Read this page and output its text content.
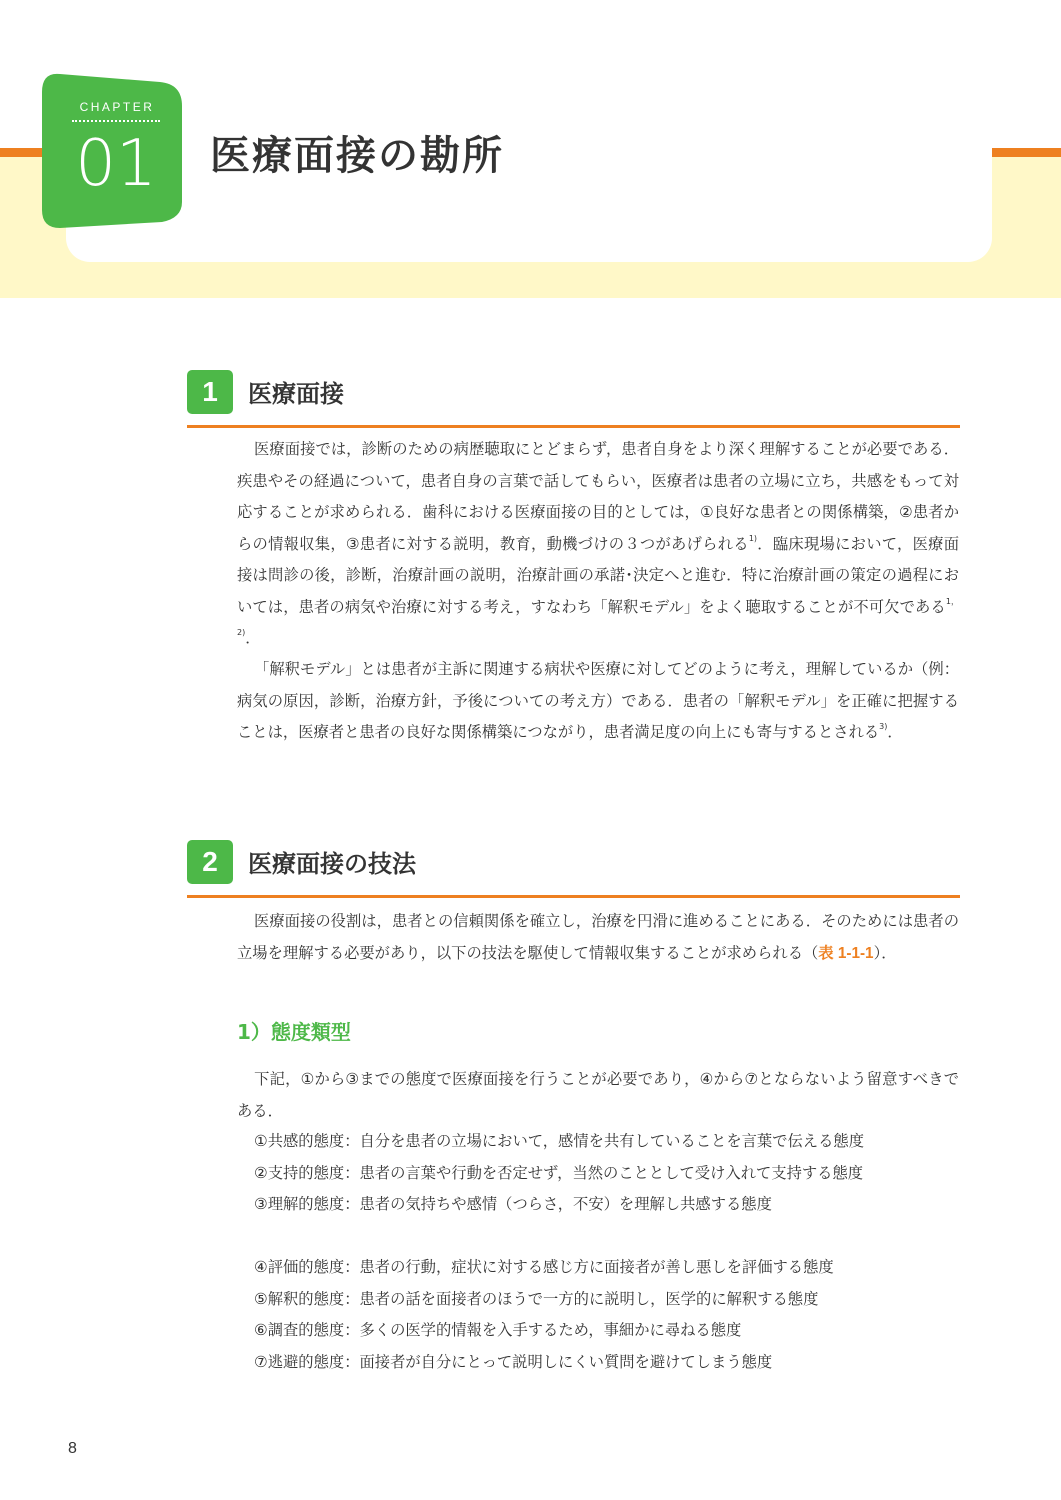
CHAPTER
01 医療面接の勘所
1	医療面接

医療面接では，診断のための病歴聴取にとどまらず，患者自身をより深く理解することが必要である．疾患やその経過について，患者自身の言葉で話してもらい，医療者は患者の立場に立ち，共感をもって対応することが求められる．歯科における医療面接の目的としては，①良好な患者との関係構築，②患者からの情報収集，③患者に対する説明，教育，動機づけの３つがあげられる$^{1)}$．臨床現場において，医療面接は問診の後，診断，治療計画の説明，治療計画の承諾･決定へと進む．特に治療計画の策定の過程においては，患者の病気や治療に対する考え，すなわち「解釈モデル」をよく聴取することが不可欠である$^{1,2)}$．

「解釈モデル」とは患者が主訴に関連する病状や医療に対してどのように考え，理解しているか（例：病気の原因，診断，治療方針，予後についての考え方）である．患者の「解釈モデル」を正確に把握することは，医療者と患者の良好な関係構築につながり，患者満足度の向上にも寄与するとされる$^{3)}$．

2	医療面接の技法

医療面接の役割は，患者との信頼関係を確立し，治療を円滑に進めることにある．そのためには患者の立場を理解する必要があり，以下の技法を駆使して情報収集することが求められる（表 1-1-1）．

1）態度類型

下記，①から③までの態度で医療面接を行うことが必要であり，④から⑦とならないよう留意すべきである．

①共感的態度：自分を患者の立場において，感情を共有していることを言葉で伝える態度
②支持的態度：患者の言葉や行動を否定せず，当然のこととして受け入れて支持する態度
③理解的態度：患者の気持ちや感情（つらさ，不安）を理解し共感する態度
④評価的態度：患者の行動，症状に対する感じ方に面接者が善し悪しを評価する態度
⑤解釈的態度：患者の話を面接者のほうで一方的に説明し，医学的に解釈する態度
⑥調査的態度：多くの医学的情報を入手するため，事細かに尋ねる態度
⑦逃避的態度：面接者が自分にとって説明しにくい質問を避けてしまう態度
8
